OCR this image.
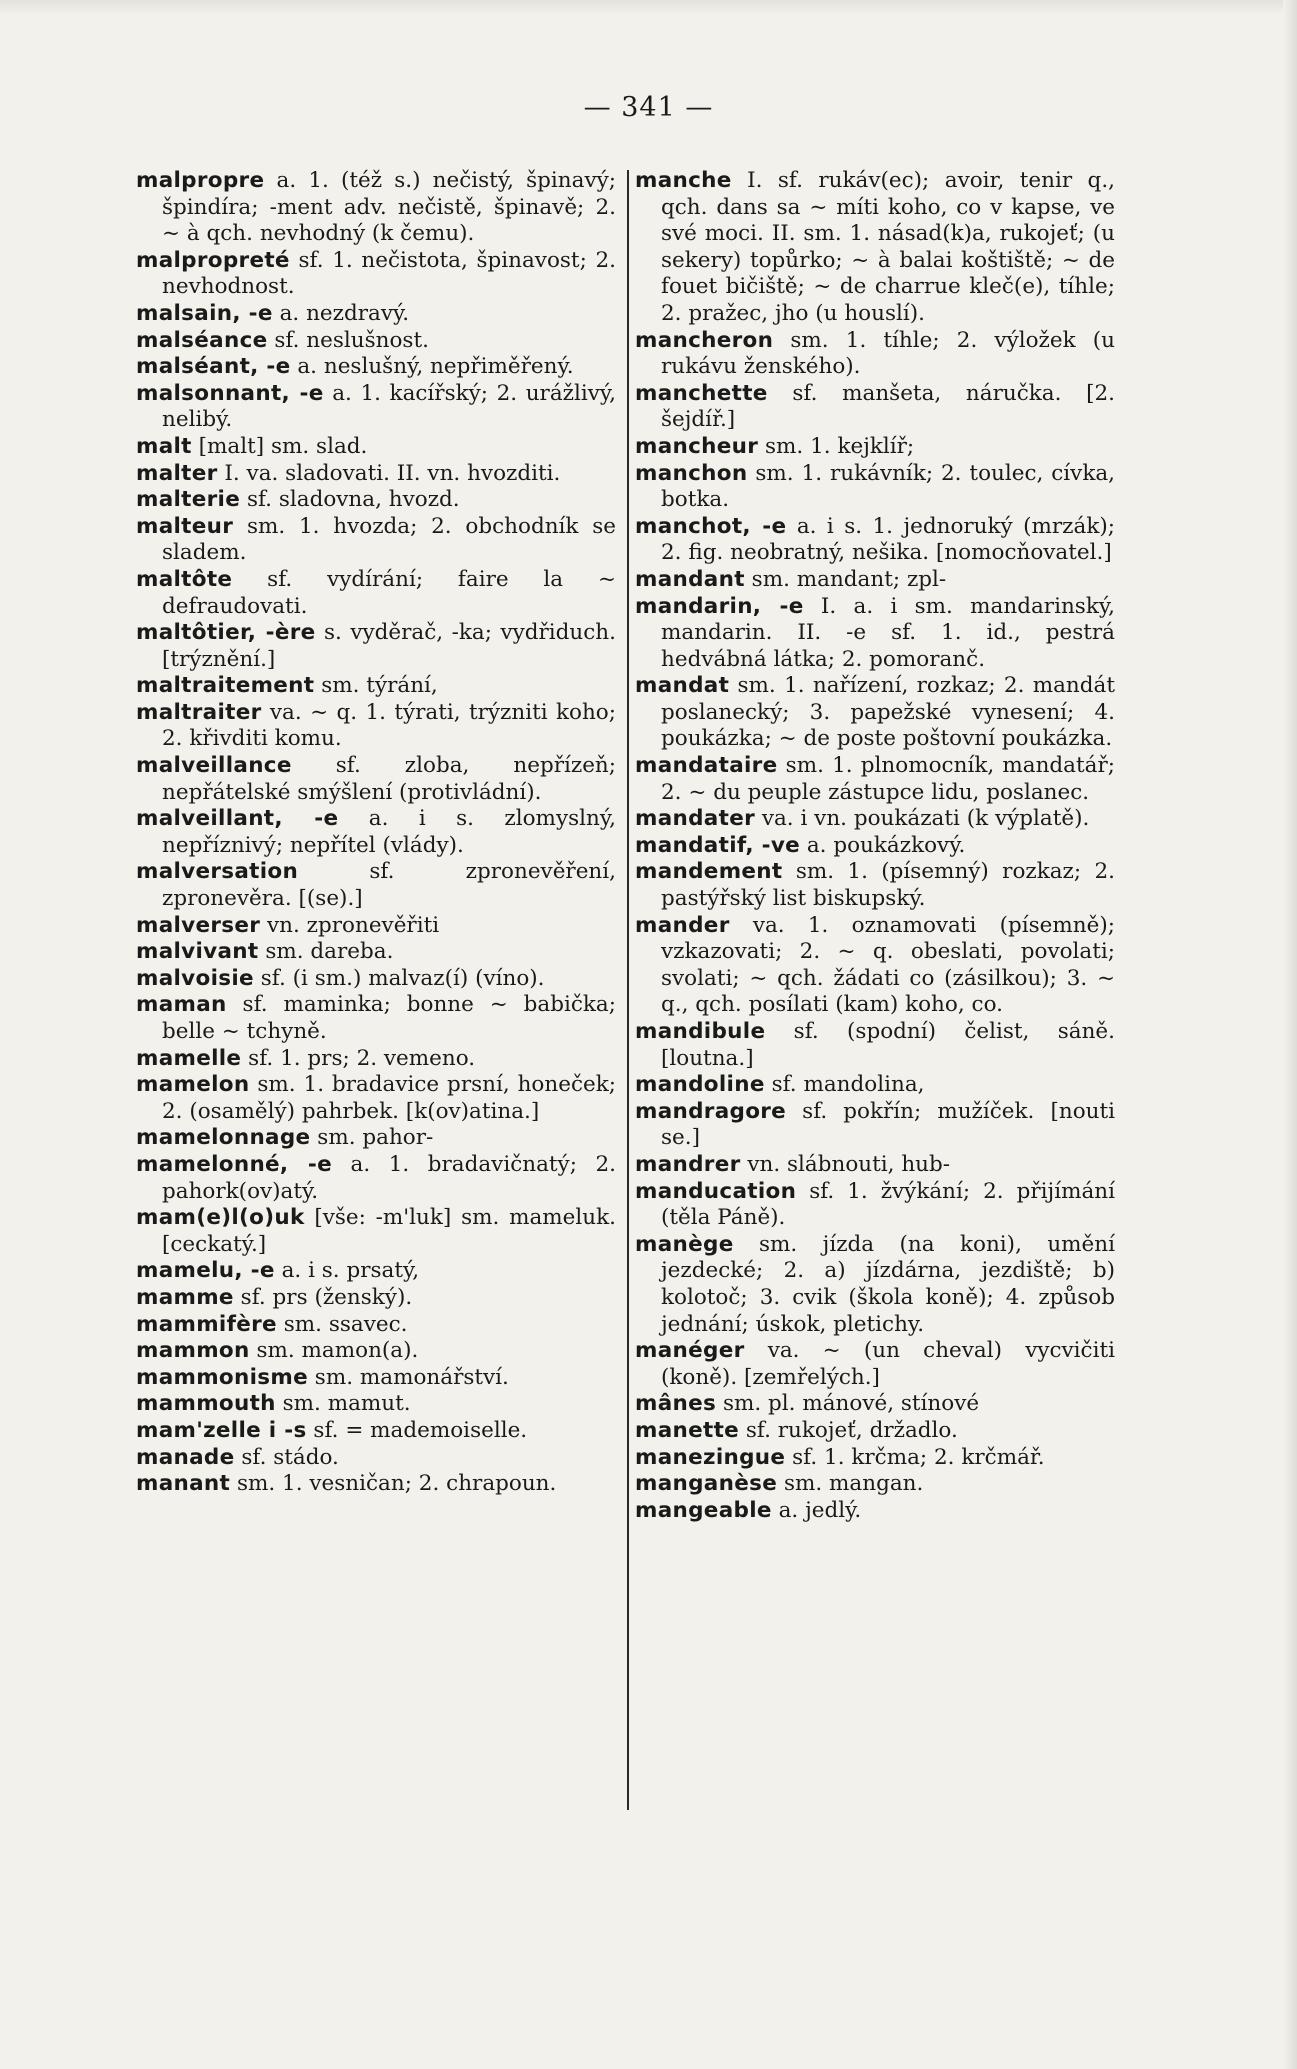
— 341 —
malpropre a. 1. (též s.) nečistý, špinavý; špindíra; -ment adv. nečistě, špinavě; 2. ~ à qch. nevhodný (k čemu).
malpropreté sf. 1. nečistota, špinavost; 2. nevhodnost.
malsain, -e a. nezdravý.
malséance sf. neslušnost.
malséant, -e a. neslušný, nepřiměřený.
malsonnant, -e a. 1. kacířský; 2. urážlivý, nelibý.
malt [malt] sm. slad.
malter I. va. sladovati. II. vn. hvozditi.
malterie sf. sladovna, hvozd.
malteur sm. 1. hvozda; 2. obchodník se sladem.
maltôte sf. vydírání; faire la ~ defraudovati.
maltôtier, -ère s. vyděrač, -ka; vydřiduch. [trýznění.]
maltraitement sm. týrání,
maltraiter va. ~ q. 1. týrati, trýzniti koho; 2. křivditi komu.
malveillance sf. zloba, nepřízeň; nepřátelské smýšlení (protivládní).
malveillant, -e a. i s. zlomyslný, nepříznivý; nepřítel (vlády).
malversation	sf. zpronevěření, zpronevěra. [(se).]
malverser vn. zpronevěřiti
malvivant sm. dareba.
malvoisie sf. (i sm.) malvaz(í) (víno).
maman sf. maminka; bonne ~ babička; belle ~ tchyně.
mamelle sf. 1. prs; 2. vemeno.
mamelon sm. 1. bradavice prsní, honeček; 2. (osamělý) pahrbek. [k(ov)atina.]
mamelonnage sm. pahor-
mamelonné, -e a. 1. bradavičnatý; 2. pahork(ov)atý.
mam(e)l(o)uk [vše: -m'luk] sm. mameluk. [ceckatý.]
mamelu, -e a. i s. prsatý,
mamme sf. prs (ženský).
mammifère sm. ssavec.
mammon sm. mamon(a).
mammonisme sm. mamonářství.
mammouth sm. mamut.
mam'zelle i -s sf. = mademoiselle.
manade sf. stádo.
manant sm. 1. vesničan; 2. chrapoun.
manche I. sf. rukáv(ec); avoir, tenir q., qch. dans sa ~ míti koho, co v kapse, ve své moci. II. sm. 1. násad(k)a, rukojeť; (u sekery) topůrko; ~ à balai koštiště; ~ de fouet bičiště; ~ de charrue kleč(e), tíhle; 2. pražec, jho (u houslí).
mancheron sm. 1. tíhle; 2. výložek (u rukávu ženského).
manchette sf. manšeta, náručka. [2. šejdíř.]
mancheur sm. 1. kejklíř;
manchon sm. 1. rukávník; 2. toulec, cívka, botka.
manchot, -e a. i s. 1. jednoruký (mrzák); 2. fig. neobratný, nešika. [nomocňovatel.]
mandant sm. mandant; zpl-
mandarin, -e I. a. i sm. mandarinský, mandarin. II. -e sf. 1. id., pestrá hedvábná látka; 2. pomoranč.
mandat sm. 1. nařízení, rozkaz; 2. mandát poslanecký; 3. papežské vynesení; 4. poukázka; ~ de poste poštovní poukázka.
mandataire sm. 1. plnomocník, mandatář; 2. ~ du peuple zástupce lidu, poslanec.
mandater va. i vn. poukázati (k výplatě).
mandatif, -ve a. poukázkový.
mandement sm. 1. (písemný) rozkaz; 2. pastýřský list biskupský.
mander va. 1. oznamovati (písemně); vzkazovati; 2. ~ q. obeslati, povolati; svolati; ~ qch. žádati co (zásilkou); 3. ~ q., qch. posílati (kam) koho, co.
mandibule sf. (spodní) čelist, sáně. [loutna.]
mandoline sf. mandolina,
mandragore sf. pokřín; mužíček. [nouti se.]
mandrer vn. slábnouti, hub-
manducation sf. 1. žvýkání; 2. přijímání (těla Páně).
manège sm. jízda (na koni), umění jezdecké; 2. a) jízdárna, jezdiště; b) kolotoč; 3. cvik (škola koně); 4. způsob jednání; úskok, pletichy.
manéger va. ~ (un cheval) vycvičiti (koně). [zemřelých.]
mânes sm. pl. mánové, stínové
manette sf. rukojeť, držadlo.
manezingue sf. 1. krčma; 2. krčmář.
manganèse sm. mangan.
mangeable a. jedlý.
